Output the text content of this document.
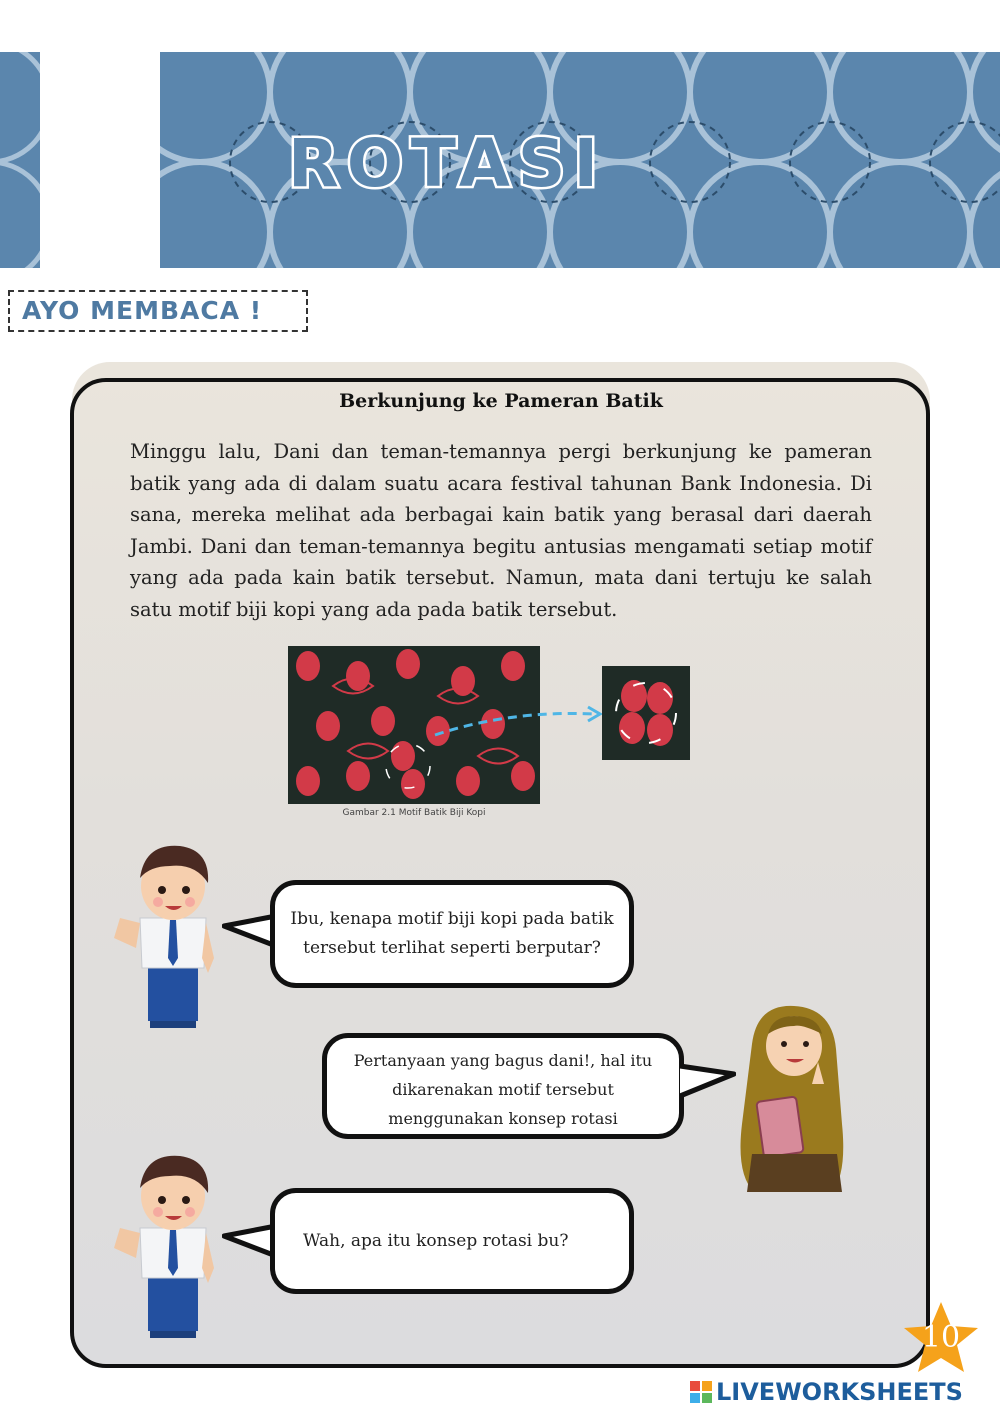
ROTASI
AYO MEMBACA !
Berkunjung ke Pameran Batik
Minggu lalu, Dani dan teman-temannya pergi berkunjung ke pameran batik yang ada di dalam suatu acara festival tahunan Bank Indonesia. Di sana, mereka melihat ada berbagai kain batik yang berasal dari daerah Jambi. Dani dan teman-temannya begitu antusias mengamati setiap motif yang ada pada kain batik tersebut. Namun, mata dani tertuju ke salah satu motif biji kopi yang ada pada batik tersebut.
Gambar 2.1 Motif Batik Biji Kopi
Ibu, kenapa motif biji kopi pada batik
tersebut terlihat seperti berputar?
Pertanyaan yang bagus dani!, hal itu
dikarenakan motif tersebut
menggunakan konsep rotasi
Wah, apa itu konsep rotasi bu?
10
LIVEWORKSHEETS
